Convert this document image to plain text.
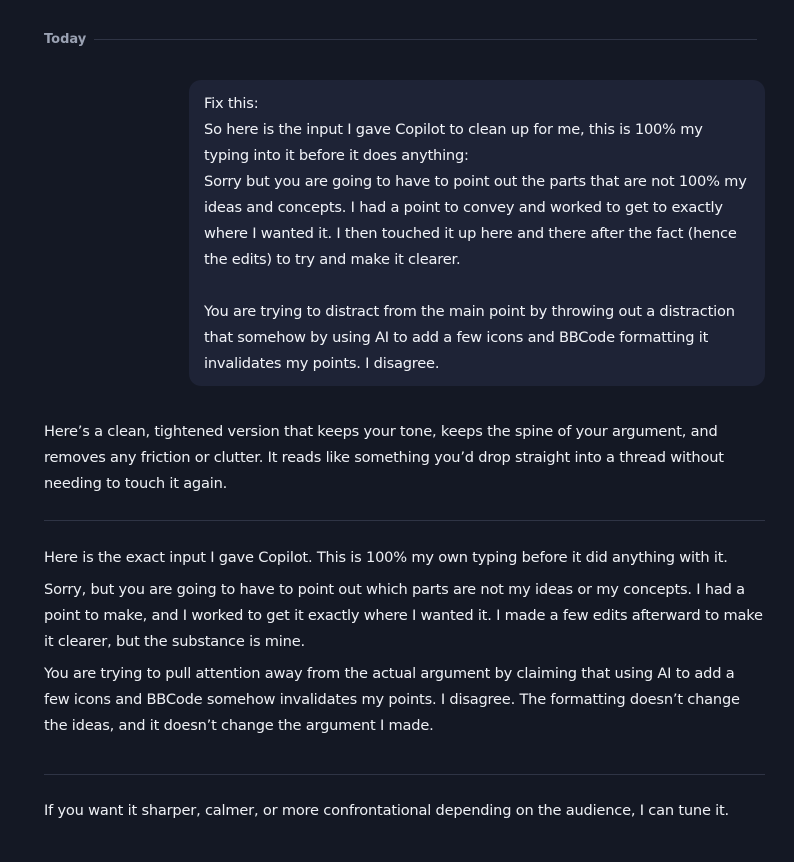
Today

Fix this:

So here is the input I gave Copilot to clean up for me, this is 100% my typing into it before it does anything:

Sorry but you are going to have to point out the parts that are not 100% my ideas and concepts. I had a point to convey and worked to get to exactly where I wanted it. I then touched it up here and there after the fact (hence the edits) to try and make it clearer.

You are trying to distract from the main point by throwing out a distraction that somehow by using AI to add a few icons and BBCode formatting it invalidates my points. I disagree.

Here’s a clean, tightened version that keeps your tone, keeps the spine of your argument, and removes any friction or clutter. It reads like something you’d drop straight into a thread without needing to touch it again.

Here is the exact input I gave Copilot. This is 100% my own typing before it did anything with it.

Sorry, but you are going to have to point out which parts are not my ideas or my concepts. I had a point to make, and I worked to get it exactly where I wanted it. I made a few edits afterward to make it clearer, but the substance is mine.

You are trying to pull attention away from the actual argument by claiming that using AI to add a few icons and BBCode somehow invalidates my points. I disagree. The formatting doesn’t change the ideas, and it doesn’t change the argument I made.

If you want it sharper, calmer, or more confrontational depending on the audience, I can tune it.
